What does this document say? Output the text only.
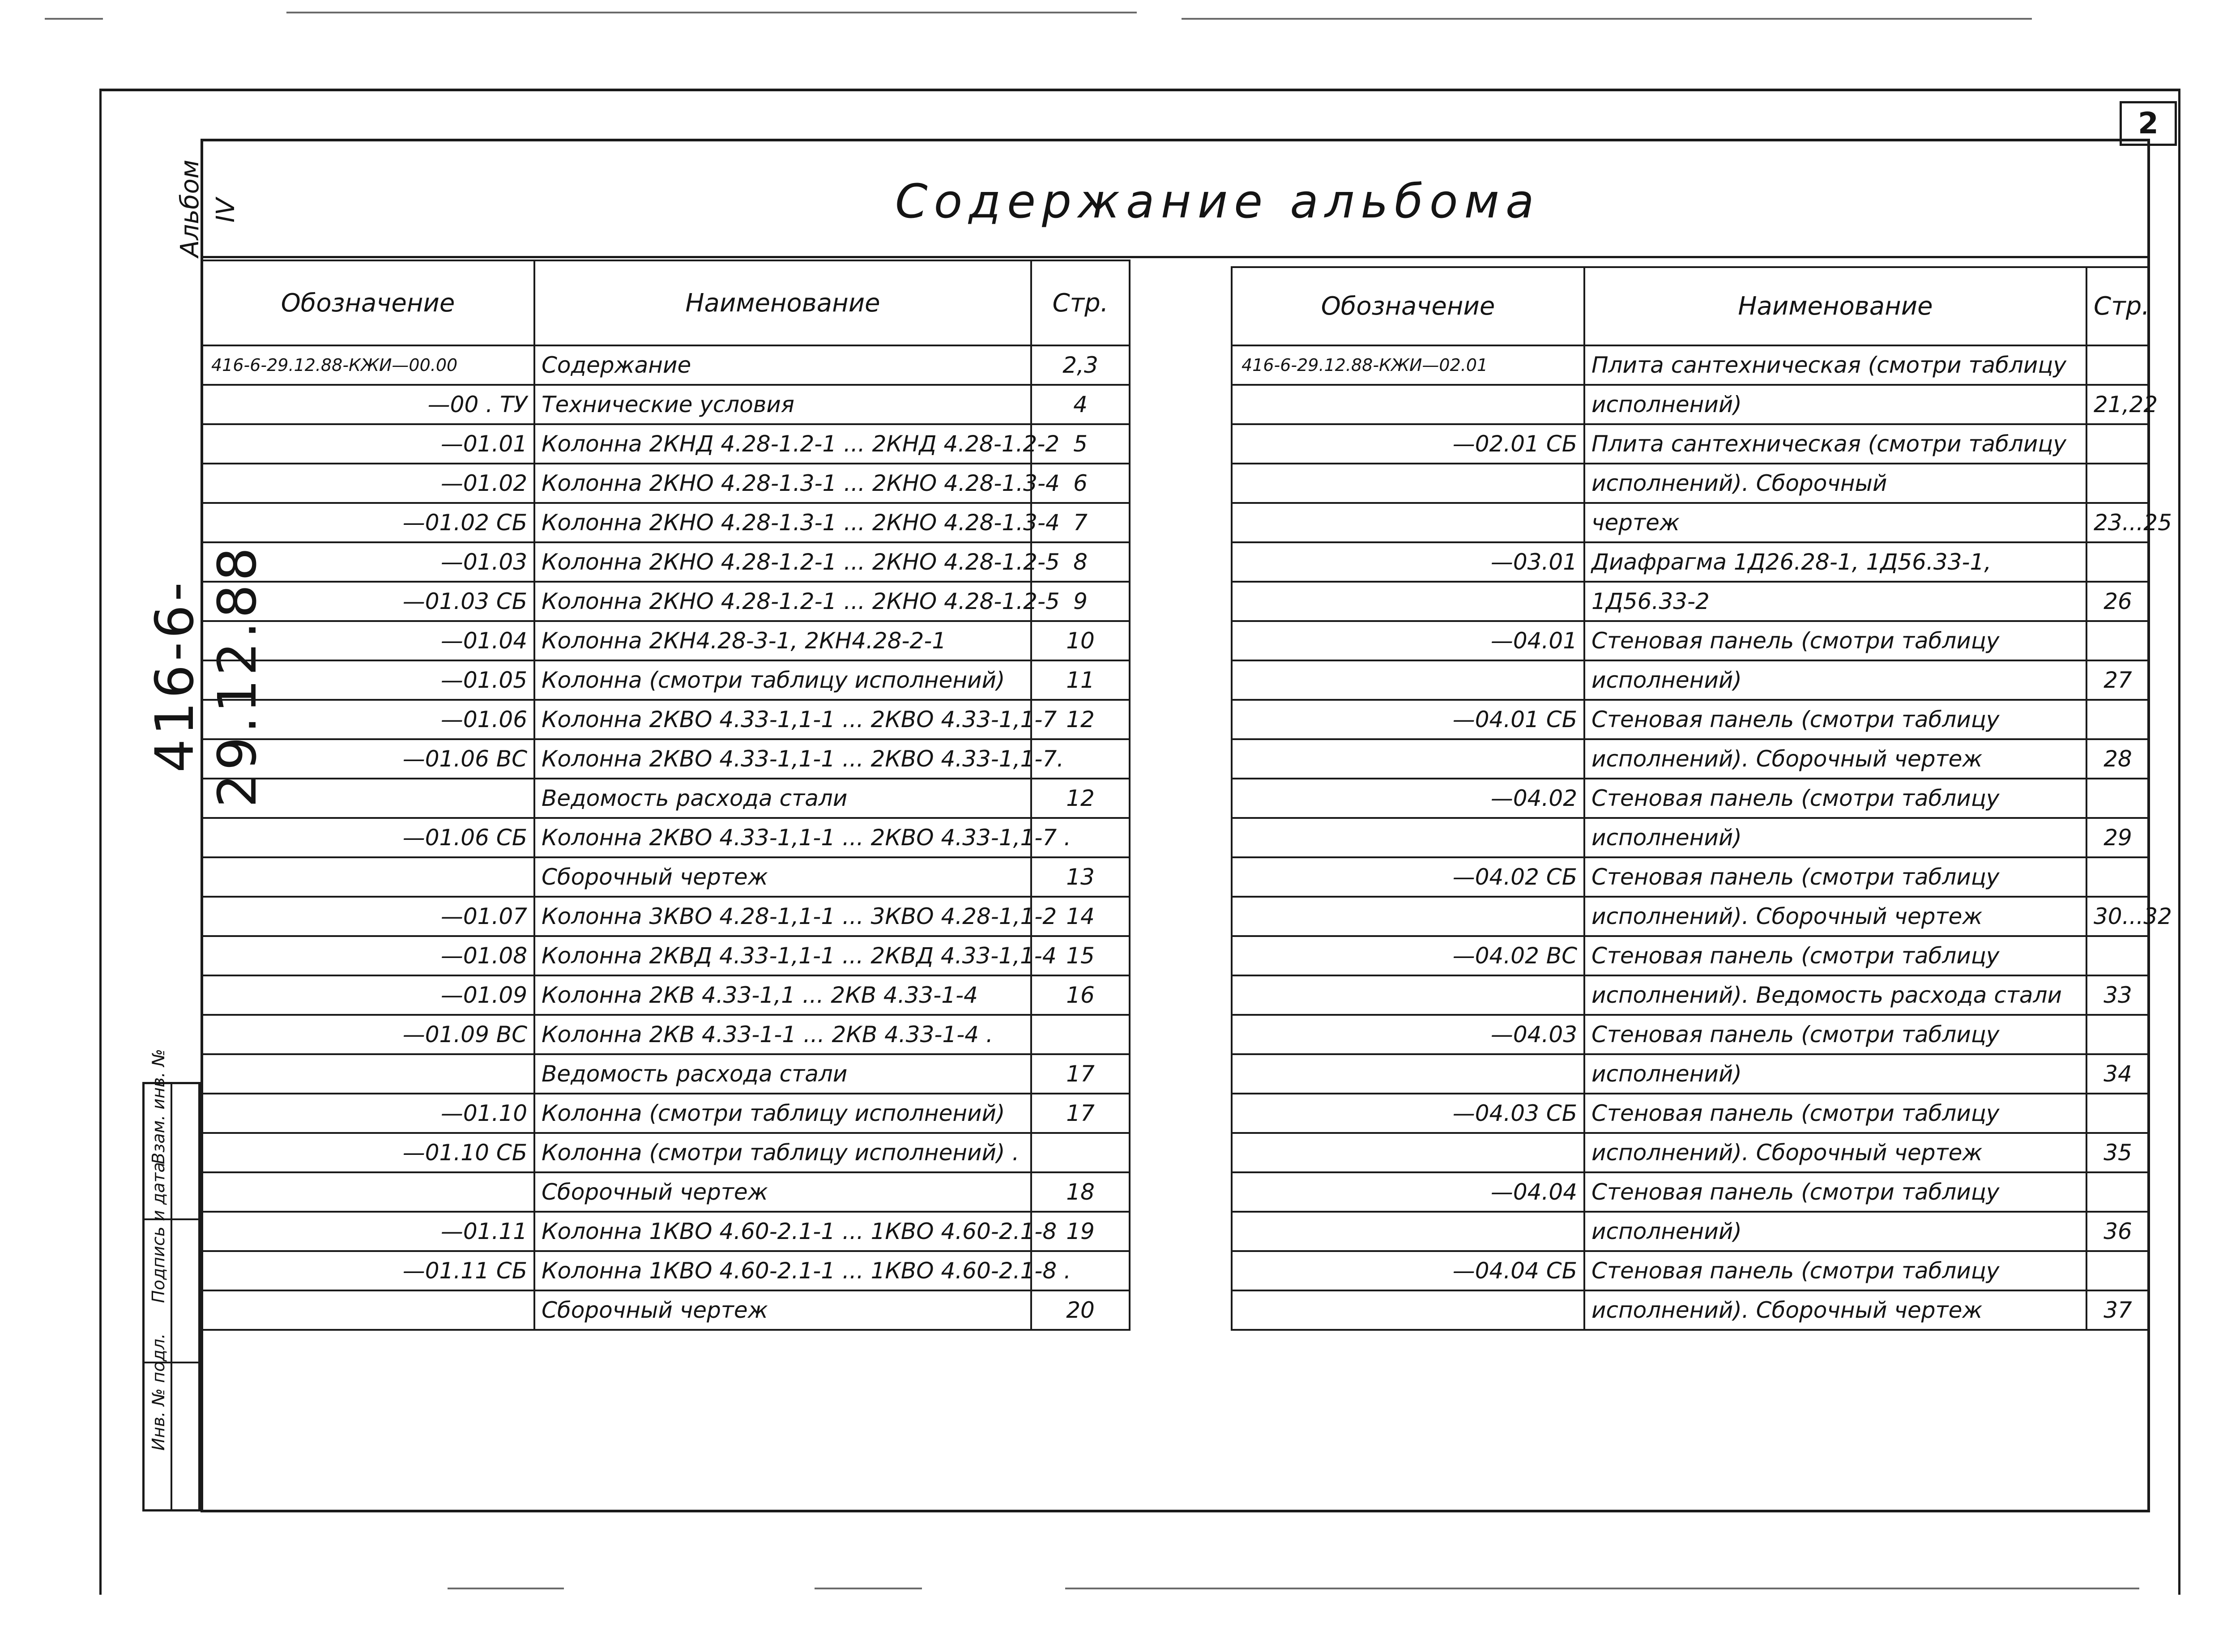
2
Альбом IV
416-6-29.12.88
Содержание альбома
Взам. инв. №
Подпись и дата
Инв. № подл.
Обозначение	Наименование	Стр.
416-6-29.12.88-КЖИ—00.00	Содержание	2,3
—00 . ТУ	Технические условия	4
—01.01	Колонна 2КНД 4.28-1.2-1 ... 2КНД 4.28-1.2-2	5
—01.02	Колонна 2КНО 4.28-1.3-1 ... 2КНО 4.28-1.3-4	6
—01.02 СБ	Колонна 2КНО 4.28-1.3-1 ... 2КНО 4.28-1.3-4	7
—01.03	Колонна 2КНО 4.28-1.2-1 ... 2КНО 4.28-1.2-5	8
—01.03 СБ	Колонна 2КНО 4.28-1.2-1 ... 2КНО 4.28-1.2-5	9
—01.04	Колонна 2КН4.28-3-1, 2КН4.28-2-1	10
—01.05	Колонна (смотри таблицу исполнений)	11
—01.06	Колонна 2КВО 4.33-1,1-1 ... 2КВО 4.33-1,1-7	12
—01.06 ВС	Колонна 2КВО 4.33-1,1-1 ... 2КВО 4.33-1,1-7.	
	Ведомость расхода стали	12
—01.06 СБ	Колонна 2КВО 4.33-1,1-1 ... 2КВО 4.33-1,1-7 .	
	Сборочный чертеж	13
—01.07	Колонна 3КВО 4.28-1,1-1 ... 3КВО 4.28-1,1-2	14
—01.08	Колонна 2КВД 4.33-1,1-1 ... 2КВД 4.33-1,1-4	15
—01.09	Колонна 2КВ 4.33-1,1 ... 2КВ 4.33-1-4	16
—01.09 ВС	Колонна 2КВ 4.33-1-1 ... 2КВ 4.33-1-4 .	
	Ведомость расхода стали	17
—01.10	Колонна (смотри таблицу исполнений)	17
—01.10 СБ	Колонна (смотри таблицу исполнений) .	
	Сборочный чертеж	18
—01.11	Колонна 1КВО 4.60-2.1-1 ... 1КВО 4.60-2.1-8	19
—01.11 СБ	Колонна 1КВО 4.60-2.1-1 ... 1КВО 4.60-2.1-8 .	
	Сборочный чертеж	20
Обозначение	Наименование	Стр.
416-6-29.12.88-КЖИ—02.01	Плита сантехническая (смотри таблицу	
	исполнений)	21,22
—02.01 СБ	Плита сантехническая (смотри таблицу	
	исполнений). Сборочный	
	чертеж	23...25
—03.01	Диафрагма 1Д26.28-1, 1Д56.33-1,	
	1Д56.33-2	26
—04.01	Стеновая панель (смотри таблицу	
	исполнений)	27
—04.01 СБ	Стеновая панель (смотри таблицу	
	исполнений). Сборочный чертеж	28
—04.02	Стеновая панель (смотри таблицу	
	исполнений)	29
—04.02 СБ	Стеновая панель (смотри таблицу	
	исполнений). Сборочный чертеж	30...32
—04.02 ВС	Стеновая панель (смотри таблицу	
	исполнений). Ведомость расхода стали	33
—04.03	Стеновая панель (смотри таблицу	
	исполнений)	34
—04.03 СБ	Стеновая панель (смотри таблицу	
	исполнений). Сборочный чертеж	35
—04.04	Стеновая панель (смотри таблицу	
	исполнений)	36
—04.04 СБ	Стеновая панель (смотри таблицу	
	исполнений). Сборочный чертеж	37
